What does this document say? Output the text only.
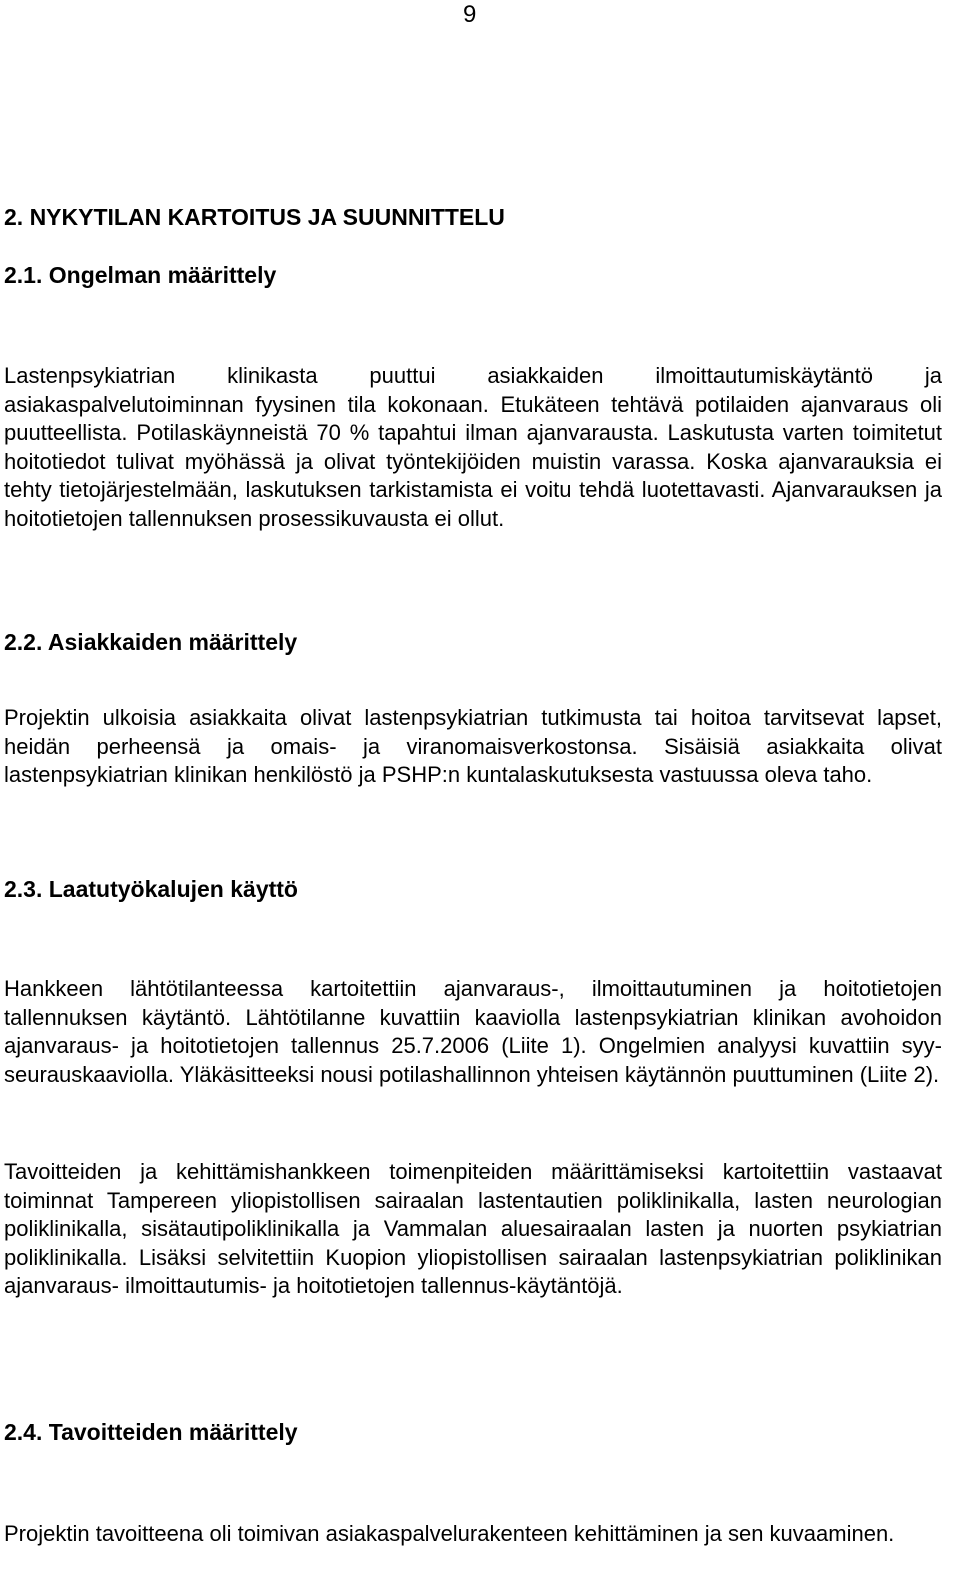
9
2. NYKYTILAN KARTOITUS JA SUUNNITTELU
2.1. Ongelman määrittely

Lastenpsykiatrian klinikasta puuttui asiakkaiden ilmoittautumiskäytäntö ja asiakaspalvelutoiminnan fyysinen tila kokonaan. Etukäteen tehtävä potilaiden ajanvaraus oli puutteellista. Potilaskäynneistä 70 % tapahtui ilman ajanvarausta. Laskutusta varten toimitetut hoitotiedot tulivat myöhässä ja olivat työntekijöiden muistin varassa. Koska ajanvarauksia ei tehty tietojärjestelmään, laskutuksen tarkistamista ei voitu tehdä luotettavasti. Ajanvarauksen ja hoitotietojen tallennuksen prosessikuvausta ei ollut.

2.2. Asiakkaiden määrittely

Projektin ulkoisia asiakkaita olivat lastenpsykiatrian tutkimusta tai hoitoa tarvitsevat lapset, heidän perheensä ja omais- ja viranomaisverkostonsa. Sisäisiä asiakkaita olivat lastenpsykiatrian klinikan henkilöstö ja PSHP:n kuntalaskutuksesta vastuussa oleva taho.

2.3. Laatutyökalujen käyttö

Hankkeen lähtötilanteessa kartoitettiin ajanvaraus-, ilmoittautuminen ja hoitotietojen tallennuksen käytäntö. Lähtötilanne kuvattiin kaaviolla lastenpsykiatrian klinikan avohoidon ajanvaraus- ja hoitotietojen tallennus 25.7.2006 (Liite 1). Ongelmien analyysi kuvattiin syy-seurauskaaviolla. Yläkäsitteeksi nousi potilashallinnon yhteisen käytännön puuttuminen (Liite 2).

Tavoitteiden ja kehittämishankkeen toimenpiteiden määrittämiseksi kartoitettiin vastaavat toiminnat Tampereen yliopistollisen sairaalan lastentautien poliklinikalla, lasten neurologian poliklinikalla, sisätautipoliklinikalla ja Vammalan aluesairaalan lasten ja nuorten psykiatrian poliklinikalla. Lisäksi selvitettiin Kuopion yliopistollisen sairaalan lastenpsykiatrian poliklinikan ajanvaraus- ilmoittautumis- ja hoitotietojen tallennus-käytäntöjä.

2.4. Tavoitteiden määrittely

Projektin tavoitteena oli toimivan asiakaspalvelurakenteen kehittäminen ja sen kuvaaminen.
